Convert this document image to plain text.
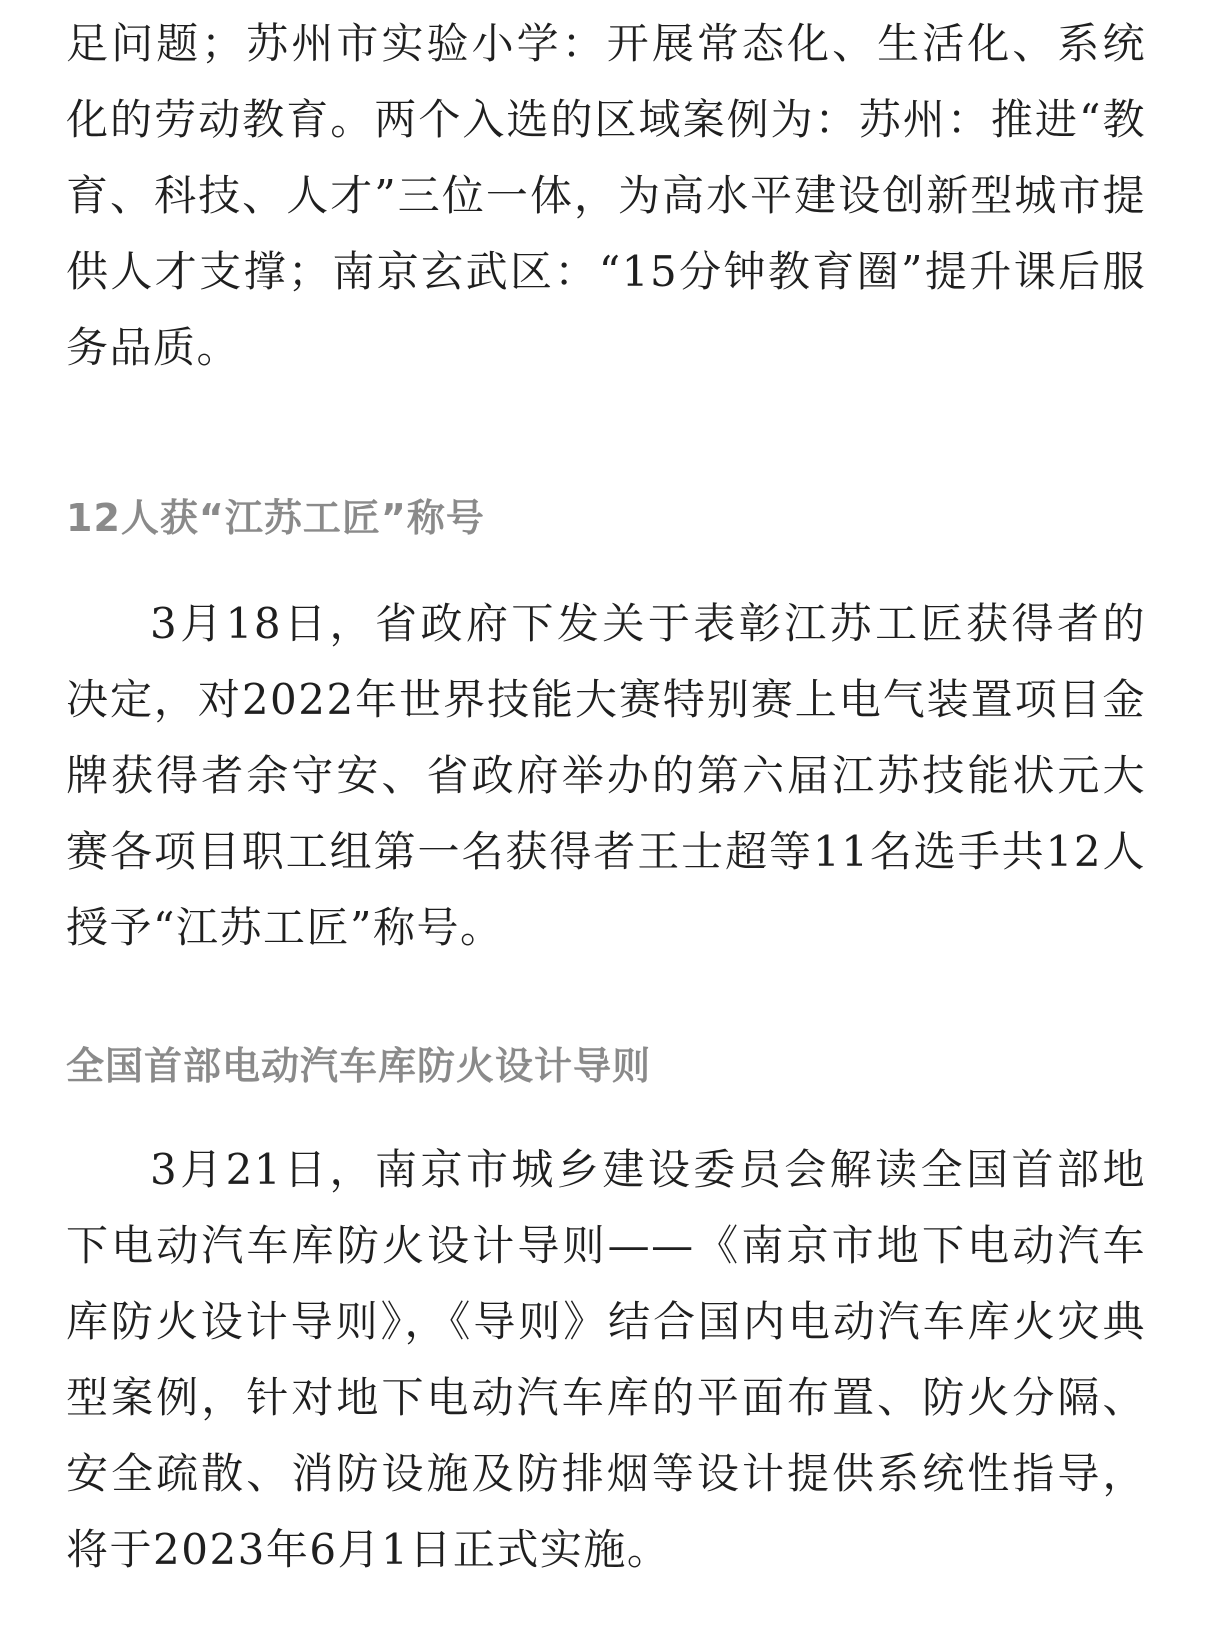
足问题；苏州市实验小学：开展常态化、生活化、系统化的劳动教育。两个入选的区域案例为：苏州：推进“教育、科技、人才”三位一体，为高水平建设创新型城市提供人才支撑；南京玄武区：“15分钟教育圈”提升课后服务品质。

12人获“江苏工匠”称号

3月18日，省政府下发关于表彰江苏工匠获得者的决定，对2022年世界技能大赛特别赛上电气装置项目金牌获得者余守安、省政府举办的第六届江苏技能状元大赛各项目职工组第一名获得者王士超等11名选手共12人授予“江苏工匠”称号。

全国首部电动汽车库防火设计导则

3月21日，南京市城乡建设委员会解读全国首部地下电动汽车库防火设计导则——《南京市地下电动汽车库防火设计导则》，《导则》结合国内电动汽车库火灾典型案例，针对地下电动汽车库的平面布置、防火分隔、安全疏散、消防设施及防排烟等设计提供系统性指导，将于2023年6月1日正式实施。
